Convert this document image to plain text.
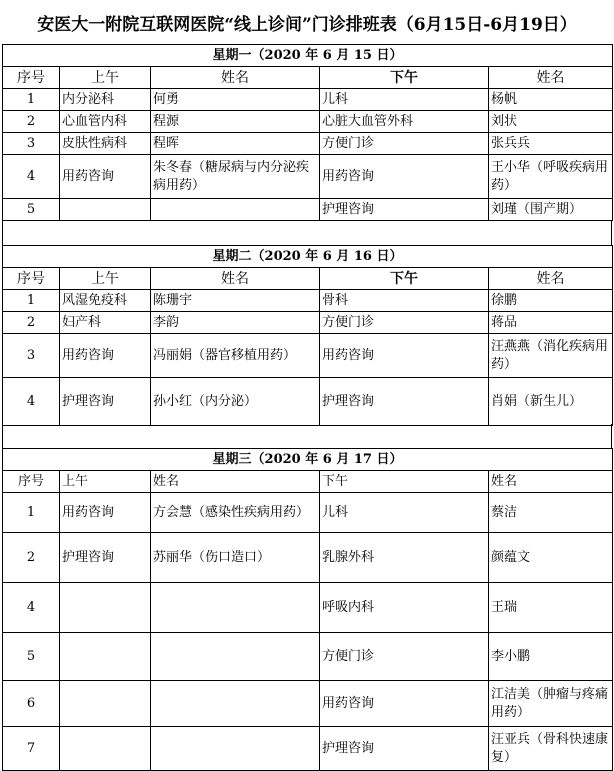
安医大一附院互联网医院“线上诊间”门诊排班表（6月15日-6月19日）
星期一（2020 年 6 月 15 日）				
序号	上午	姓名	下午	姓名
1	内分泌科	何勇	儿科	杨帆
2	心血管内科	程源	心脏大血管外科	刘状
3	皮肤性病科	程晖	方便门诊	张兵兵
4	用药咨询	朱冬春（糖尿病与内分泌疾病用药）	用药咨询	王小华（呼吸疾病用药）
5			护理咨询	刘瑾（围产期）
星期二（2020 年 6 月 16 日）				
序号	上午	姓名	下午	姓名
1	风湿免疫科	陈珊宇	骨科	徐鹏
2	妇产科	李韵	方便门诊	蒋品
3	用药咨询	冯丽娟（器官移植用药）	用药咨询	汪燕燕（消化疾病用药）
4	护理咨询	孙小红（内分泌）	护理咨询	肖娟（新生儿）
星期三（2020 年 6 月 17 日）				
序号	上午	姓名	下午	姓名
1	用药咨询	方会慧（感染性疾病用药）	儿科	蔡洁
2	护理咨询	苏丽华（伤口造口）	乳腺外科	颜蕴文
4			呼吸内科	王瑞
5			方便门诊	李小鹏
6			用药咨询	江洁美（肿瘤与疼痛用药）
7			护理咨询	汪亚兵（骨科快速康复）
